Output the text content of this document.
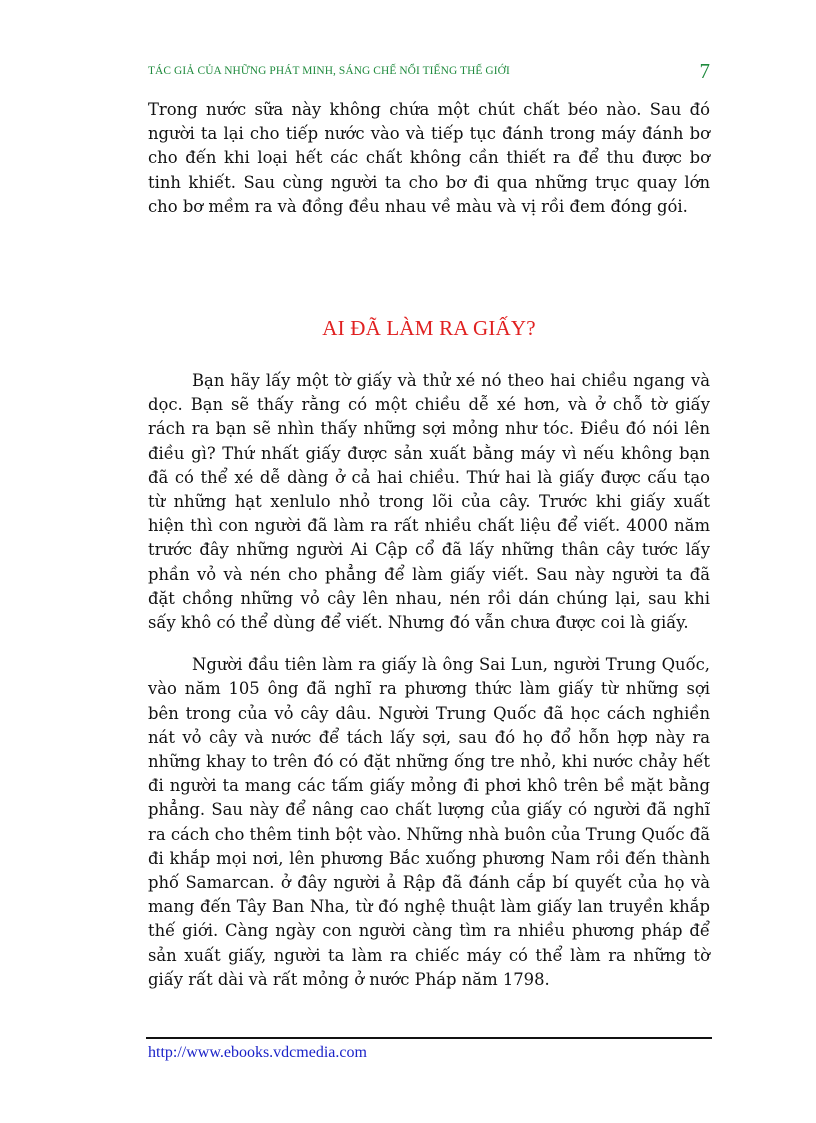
TÁC GIẢ CỦA NHỮNG PHÁT MINH, SÁNG CHẾ NỔI TIẾNG THẾ GIỚI	7

Trong nước sữa này không chứa một chút chất béo nào. Sau đó người ta lại cho tiếp nước vào và tiếp tục đánh trong máy đánh bơ cho đến khi loại hết các chất không cần thiết ra để thu được bơ tinh khiết. Sau cùng người ta cho bơ đi qua những trục quay lớn cho bơ mềm ra và đồng đều nhau về màu và vị rồi đem đóng gói.

AI ĐÃ LÀM RA GIẤY?

Bạn hãy lấy một tờ giấy và thử xé nó theo hai chiều ngang và dọc. Bạn sẽ thấy rằng có một chiều dễ xé hơn, và ở chỗ tờ giấy rách ra bạn sẽ nhìn thấy những sợi mỏng như tóc. Điều đó nói lên điều gì? Thứ nhất giấy được sản xuất bằng máy vì nếu không bạn đã có thể xé dễ dàng ở cả hai chiều. Thứ hai là giấy được cấu tạo từ những hạt xenlulo nhỏ trong lõi của cây. Trước khi giấy xuất hiện thì con người đã làm ra rất nhiều chất liệu để viết. 4000 năm trước đây những người Ai Cập cổ đã lấy những thân cây tước lấy phần vỏ và nén cho phẳng để làm giấy viết. Sau này người ta đã đặt chồng những vỏ cây lên nhau, nén rồi dán chúng lại, sau khi sấy khô có thể dùng để viết. Nhưng đó vẫn chưa được coi là giấy.

Người đầu tiên làm ra giấy là ông Sai Lun, người Trung Quốc, vào năm 105 ông đã nghĩ ra phương thức làm giấy từ những sợi bên trong của vỏ cây dâu. Người Trung Quốc đã học cách nghiền nát vỏ cây và nước để tách lấy sợi, sau đó họ đổ hỗn hợp này ra những khay to trên đó có đặt những ống tre nhỏ, khi nước chảy hết đi người ta mang các tấm giấy mỏng đi phơi khô trên bề mặt bằng phẳng. Sau này để nâng cao chất lượng của giấy có người đã nghĩ ra cách cho thêm tinh bột vào. Những nhà buôn của Trung Quốc đã đi khắp mọi nơi, lên phương Bắc xuống phương Nam rồi đến thành phố Samarcan. ở đây người ả Rập đã đánh cắp bí quyết của họ và mang đến Tây Ban Nha, từ đó nghệ thuật làm giấy lan truyền khắp thế giới. Càng ngày con người càng tìm ra nhiều phương pháp để sản xuất giấy, người ta làm ra chiếc máy có thể làm ra những tờ giấy rất dài và rất mỏng ở nước Pháp năm 1798.

http://www.ebooks.vdcmedia.com
